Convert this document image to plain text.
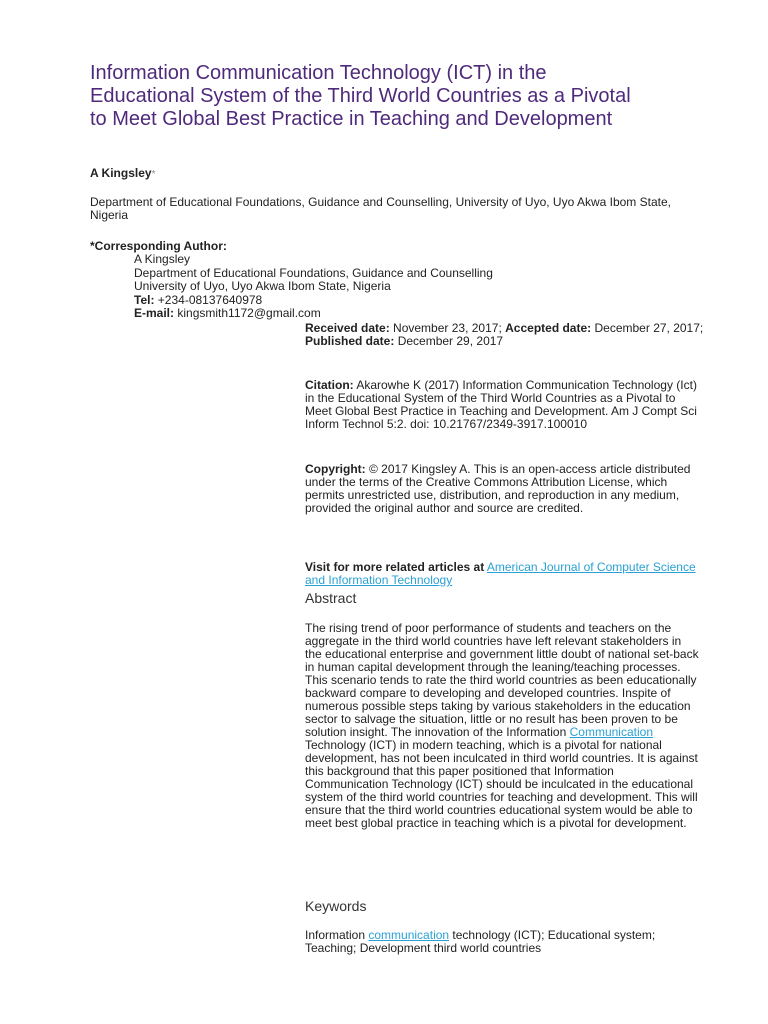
Information Communication Technology (ICT) in the Educational System of the Third World Countries as a Pivotal to Meet Global Best Practice in Teaching and Development
A Kingsley*
Department of Educational Foundations, Guidance and Counselling, University of Uyo, Uyo Akwa Ibom State, Nigeria
*Corresponding Author:
A Kingsley
Department of Educational Foundations, Guidance and Counselling
University of Uyo, Uyo Akwa Ibom State, Nigeria
Tel: +234-08137640978
E-mail: kingsmith1172@gmail.com
Received date: November 23, 2017; Accepted date: December 27, 2017; Published date: December 29, 2017
Citation: Akarowhe K (2017) Information Communication Technology (Ict) in the Educational System of the Third World Countries as a Pivotal to Meet Global Best Practice in Teaching and Development. Am J Compt Sci Inform Technol 5:2. doi: 10.21767/2349-3917.100010
Copyright: © 2017 Kingsley A. This is an open-access article distributed under the terms of the Creative Commons Attribution License, which permits unrestricted use, distribution, and reproduction in any medium, provided the original author and source are credited.
Visit for more related articles at American Journal of Computer Science and Information Technology
Abstract
The rising trend of poor performance of students and teachers on the aggregate in the third world countries have left relevant stakeholders in the educational enterprise and government little doubt of national set-back in human capital development through the leaning/teaching processes. This scenario tends to rate the third world countries as been educationally backward compare to developing and developed countries. Inspite of numerous possible steps taking by various stakeholders in the education sector to salvage the situation, little or no result has been proven to be solution insight. The innovation of the Information Communication Technology (ICT) in modern teaching, which is a pivotal for national development, has not been inculcated in third world countries. It is against this background that this paper positioned that Information Communication Technology (ICT) should be inculcated in the educational system of the third world countries for teaching and development. This will ensure that the third world countries educational system would be able to meet best global practice in teaching which is a pivotal for development.
Keywords
Information communication technology (ICT); Educational system; Teaching; Development third world countries
